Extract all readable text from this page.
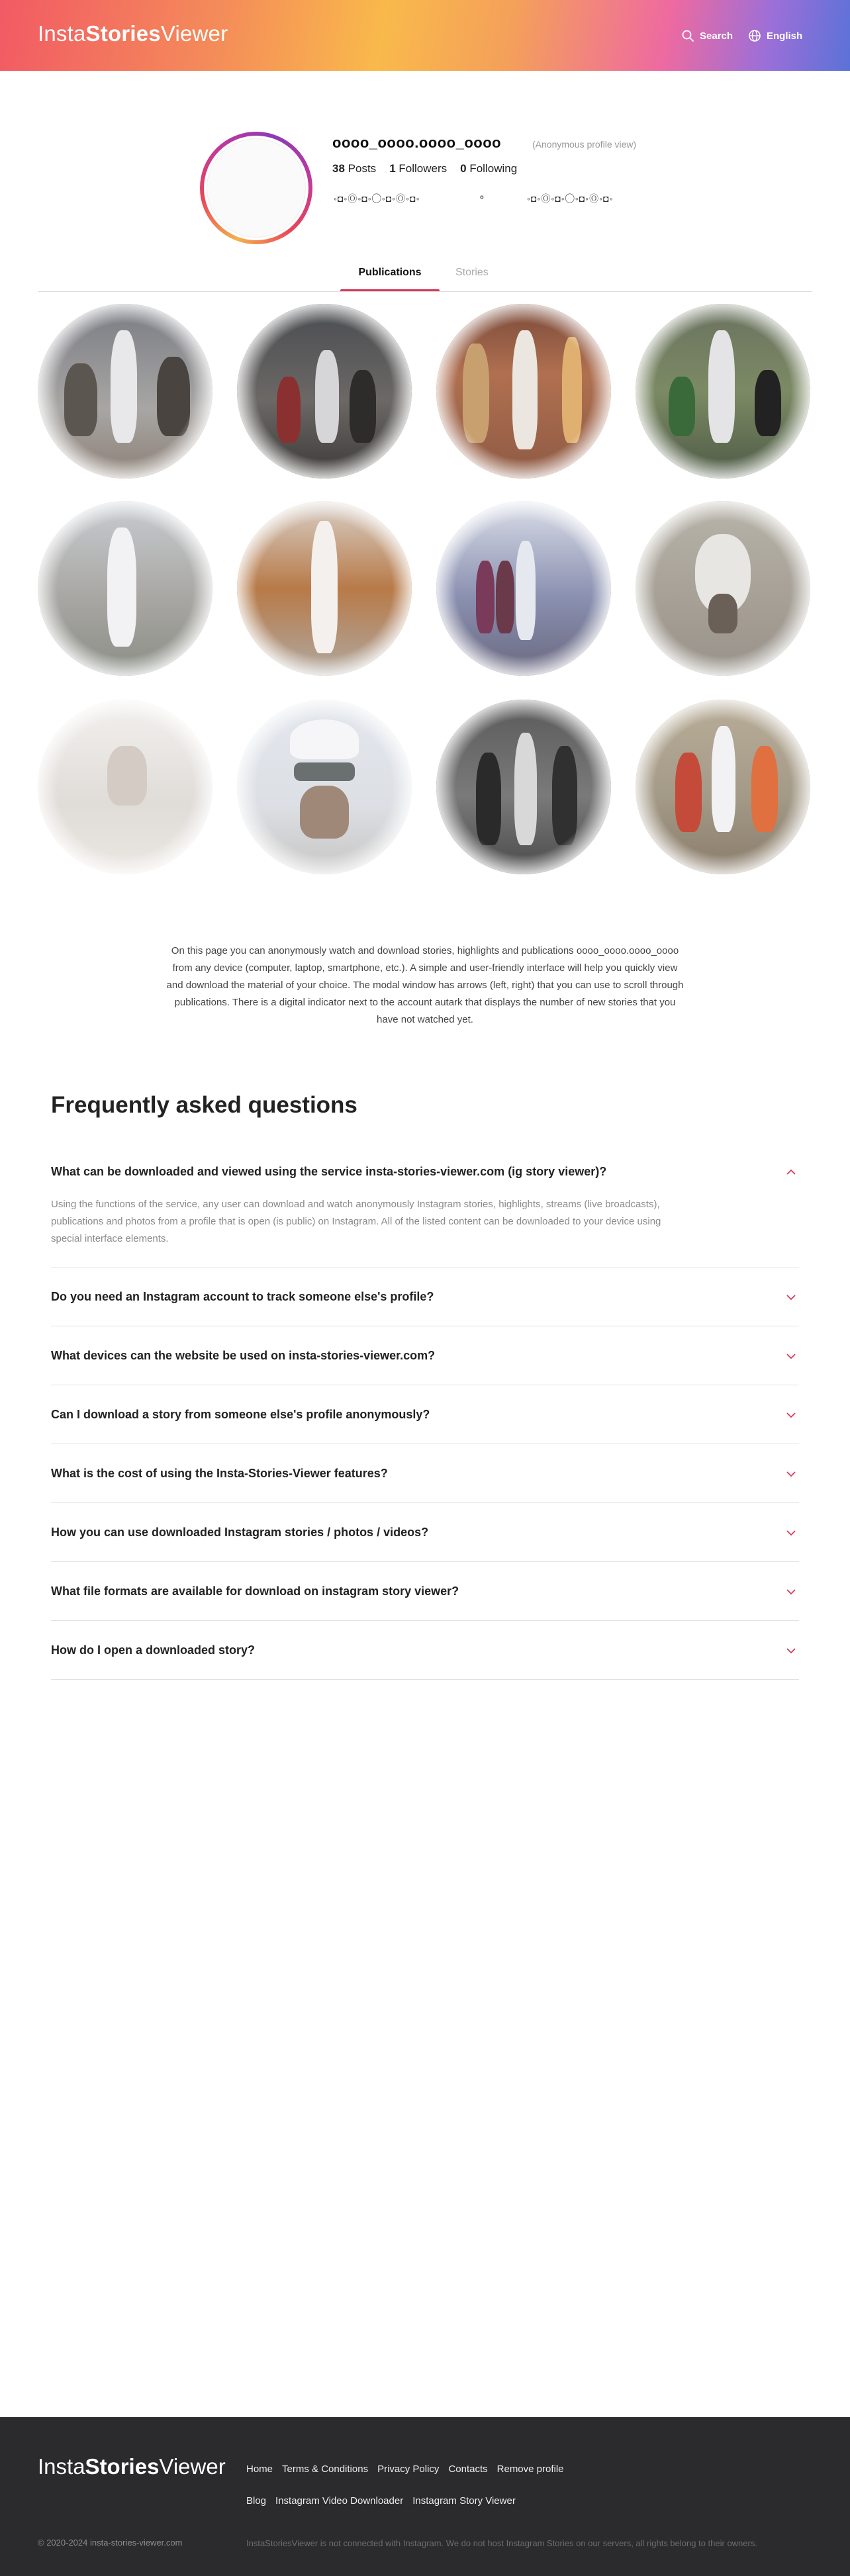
InstaStoriesViewer	Search	English
ᴏᴏᴏᴏ_ᴏᴏᴏᴏ.ᴏᴏᴏᴏ_ᴏᴏᴏᴏ	(Anonymous profile view)
38 Posts 1 Followers 0 Following
◦◘◦Ⓞ◦◘◦◯◦◘◦Ⓞ◦◘◦	⚬	◦◘◦Ⓞ◦◘◦◯◦◘◦Ⓞ◦◘◦
Publications	Stories

On this page you can anonymously watch and download stories, highlights and publications ᴏᴏᴏᴏ_ᴏᴏᴏᴏ.ᴏᴏᴏᴏ_ᴏᴏᴏᴏ from any device (computer, laptop, smartphone, etc.). A simple and user-friendly interface will help you quickly view and download the material of your choice. The modal window has arrows (left, right) that you can use to scroll through publications. There is a digital indicator next to the account autark that displays the number of new stories that you have not watched yet.

Frequently asked questions
What can be downloaded and viewed using the service insta-stories-viewer.com (ig story viewer)?

Using the functions of the service, any user can download and watch anonymously Instagram stories, highlights, streams (live broadcasts), publications and photos from a profile that is open (is public) on Instagram. All of the listed content can be downloaded to your device using special interface elements.

Do you need an Instagram account to track someone else's profile?
What devices can the website be used on insta-stories-viewer.com?
Can I download a story from someone else's profile anonymously?
What is the cost of using the Insta-Stories-Viewer features?
How you can use downloaded Instagram stories / photos / videos?
What file formats are available for download on instagram story viewer?
How do I open a downloaded story?
InstaStoriesViewer Home Terms & Conditions Privacy Policy Contacts Remove profile
Blog Instagram Video Downloader Instagram Story Viewer
© 2020-2024 insta-stories-viewer.com	InstaStoriesViewer is not connected with Instagram. We do not host Instagram Stories on our servers, all rights belong to their owners.
